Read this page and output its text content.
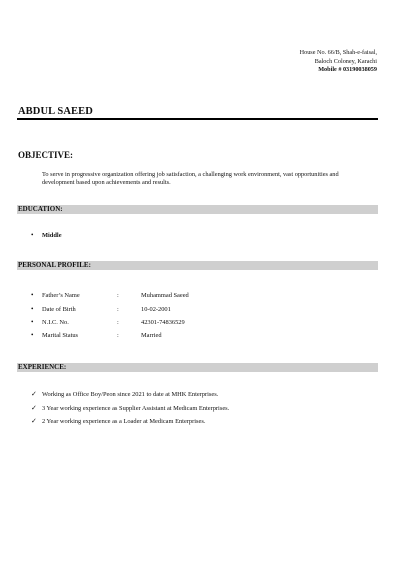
House No. 66/B, Shah-e-faisal,
Baloch Coloney, Karachi
Mobile # 03190038059
ABDUL SAEED
OBJECTIVE:
To serve in progressive organization offering job satisfaction, a challenging work environment, vast opportunities and development based upon achievements and results.
EDUCATION:
• Middle
PERSONAL PROFILE:
• Father’s Name	:	Muhammad Saeed
• Date of Birth	:	10-02-2001
• N.I.C. No.	:	42301-74836529
• Marital Status	:	Married
EXPERIENCE:
✓ Working as Office Boy/Peon since 2021 to date at MHK Enterprises.
✓ 3 Year working experience as Supplier Assistant at Medicam Enterprises.
✓ 2 Year working experience as a Loader at Medicam Enterprises.
